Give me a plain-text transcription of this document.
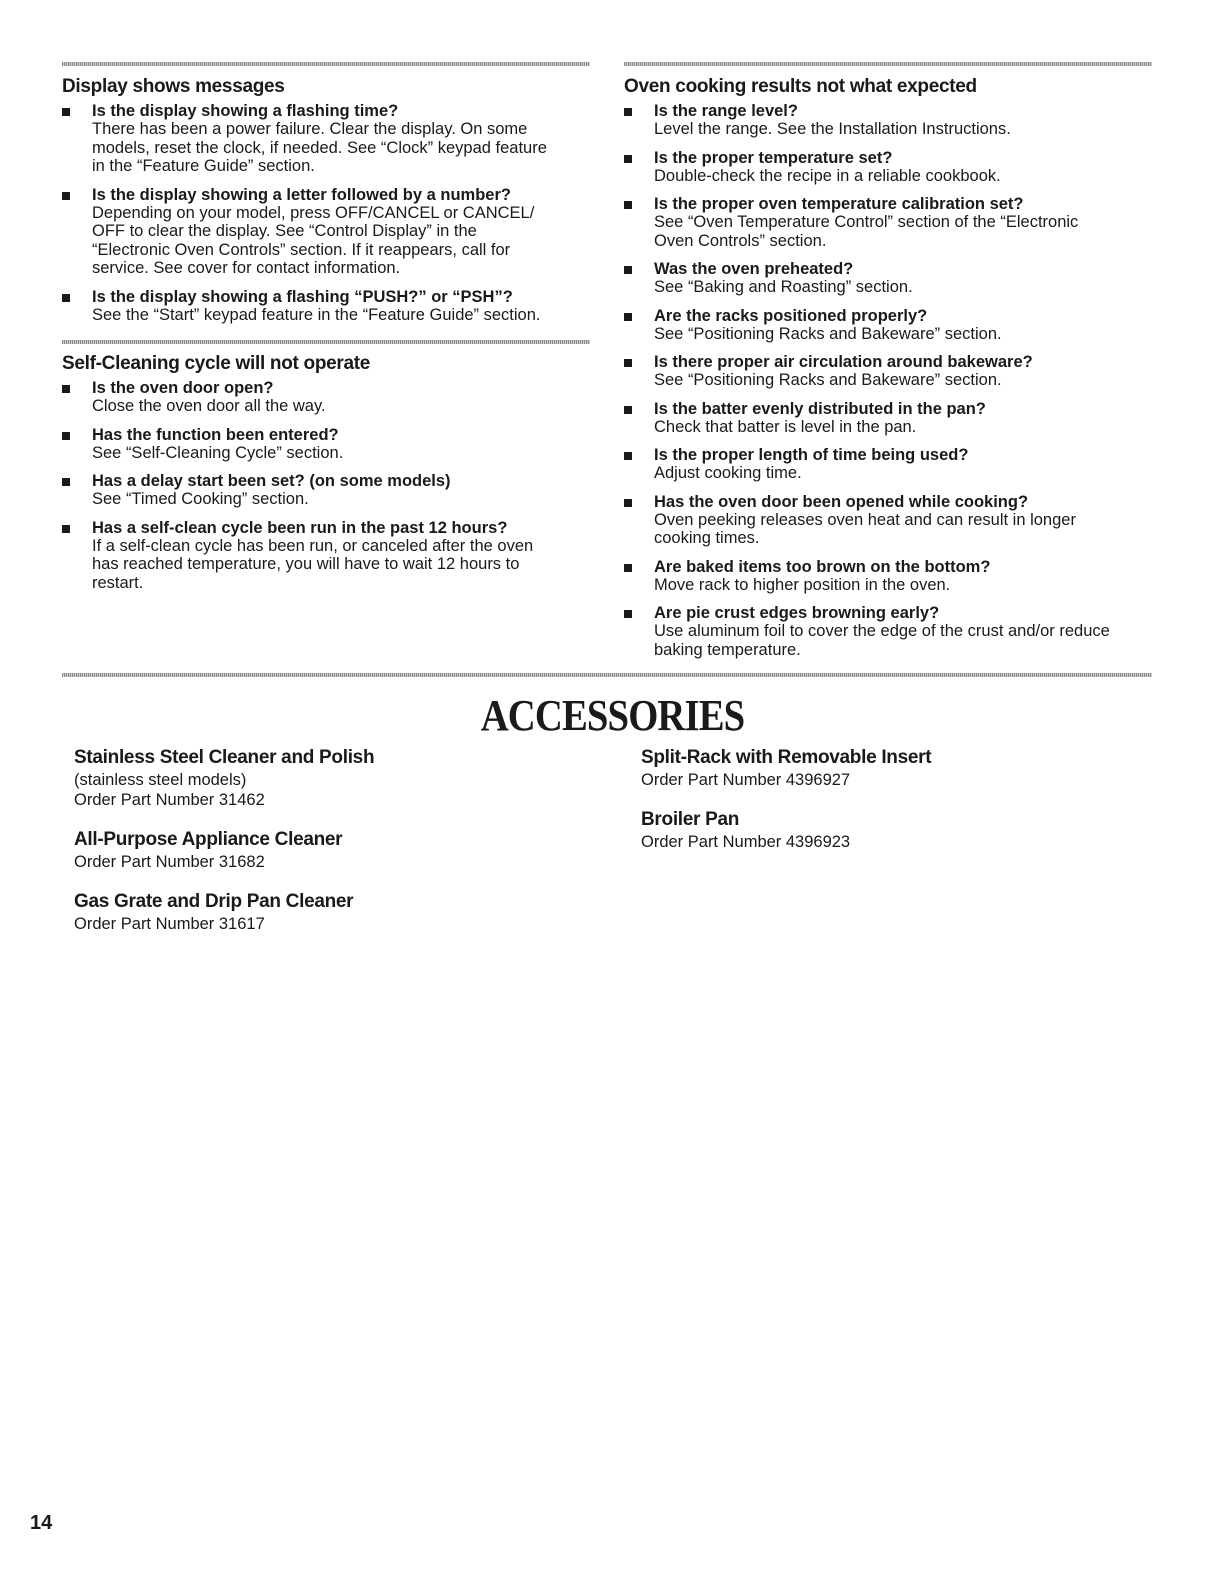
Display shows messages
Is the display showing a flashing time?
There has been a power failure. Clear the display. On some
models, reset the clock, if needed. See “Clock” keypad feature
in the “Feature Guide” section.
Is the display showing a letter followed by a number?
Depending on your model, press OFF/CANCEL or CANCEL/
OFF to clear the display. See “Control Display” in the
“Electronic Oven Controls” section. If it reappears, call for
service. See cover for contact information.
Is the display showing a flashing “PUSH?” or “PSH”?
See the “Start” keypad feature in the “Feature Guide” section.
Self-Cleaning cycle will not operate
Is the oven door open?
Close the oven door all the way.
Has the function been entered?
See “Self-Cleaning Cycle” section.
Has a delay start been set? (on some models)
See “Timed Cooking” section.
Has a self-clean cycle been run in the past 12 hours?
If a self-clean cycle has been run, or canceled after the oven
has reached temperature, you will have to wait 12 hours to
restart.
Oven cooking results not what expected
Is the range level?
Level the range. See the Installation Instructions.
Is the proper temperature set?
Double-check the recipe in a reliable cookbook.
Is the proper oven temperature calibration set?
See “Oven Temperature Control” section of the “Electronic
Oven Controls” section.
Was the oven preheated?
See “Baking and Roasting” section.
Are the racks positioned properly?
See “Positioning Racks and Bakeware” section.
Is there proper air circulation around bakeware?
See “Positioning Racks and Bakeware” section.
Is the batter evenly distributed in the pan?
Check that batter is level in the pan.
Is the proper length of time being used?
Adjust cooking time.
Has the oven door been opened while cooking?
Oven peeking releases oven heat and can result in longer
cooking times.
Are baked items too brown on the bottom?
Move rack to higher position in the oven.
Are pie crust edges browning early?
Use aluminum foil to cover the edge of the crust and/or reduce
baking temperature.
ACCESSORIES
Stainless Steel Cleaner and Polish
(stainless steel models)
Order Part Number 31462
All-Purpose Appliance Cleaner
Order Part Number 31682
Gas Grate and Drip Pan Cleaner
Order Part Number 31617
Split-Rack with Removable Insert
Order Part Number 4396927
Broiler Pan
Order Part Number 4396923
14
